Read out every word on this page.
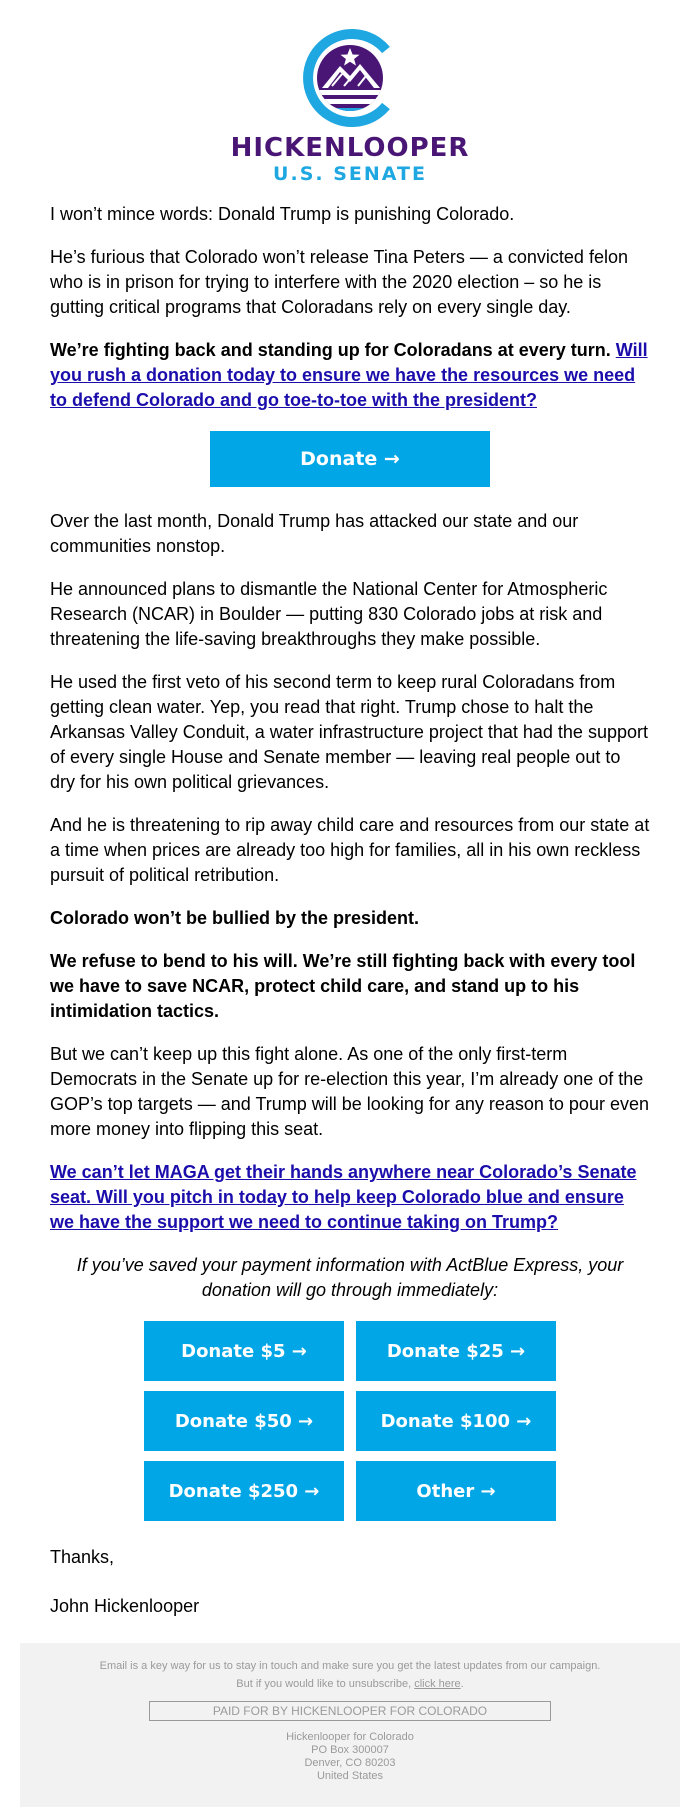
HICKENLOOPER
U.S. SENATE

I won’t mince words: Donald Trump is punishing Colorado.

He’s furious that Colorado won’t release Tina Peters — a convicted felon who is in prison for trying to interfere with the 2020 election – so he is gutting critical programs that Coloradans rely on every single day.

We’re fighting back and standing up for Coloradans at every turn. Will you rush a donation today to ensure we have the resources we need to defend Colorado and go toe-to-toe with the president?

Donate →

Over the last month, Donald Trump has attacked our state and our communities nonstop.

He announced plans to dismantle the National Center for Atmospheric Research (NCAR) in Boulder — putting 830 Colorado jobs at risk and threatening the life-saving breakthroughs they make possible.

He used the first veto of his second term to keep rural Coloradans from getting clean water. Yep, you read that right. Trump chose to halt the Arkansas Valley Conduit, a water infrastructure project that had the support of every single House and Senate member — leaving real people out to dry for his own political grievances.

And he is threatening to rip away child care and resources from our state at a time when prices are already too high for families, all in his own reckless pursuit of political retribution.

Colorado won’t be bullied by the president.

We refuse to bend to his will. We’re still fighting back with every tool we have to save NCAR, protect child care, and stand up to his intimidation tactics.

But we can’t keep up this fight alone. As one of the only first-term Democrats in the Senate up for re-election this year, I’m already one of the GOP’s top targets — and Trump will be looking for any reason to pour even more money into flipping this seat.

We can’t let MAGA get their hands anywhere near Colorado’s Senate seat. Will you pitch in today to help keep Colorado blue and ensure we have the support we need to continue taking on Trump?

If you’ve saved your payment information with ActBlue Express, your donation will go through immediately:

Donate $5 →	Donate $25 →
Donate $50 →	Donate $100 →
Donate $250 →	Other →

Thanks,

John Hickenlooper

Email is a key way for us to stay in touch and make sure you get the latest updates from our campaign.
But if you would like to unsubscribe, click here.
PAID FOR BY HICKENLOOPER FOR COLORADO
Hickenlooper for Colorado
PO Box 300007
Denver, CO 80203
United States
